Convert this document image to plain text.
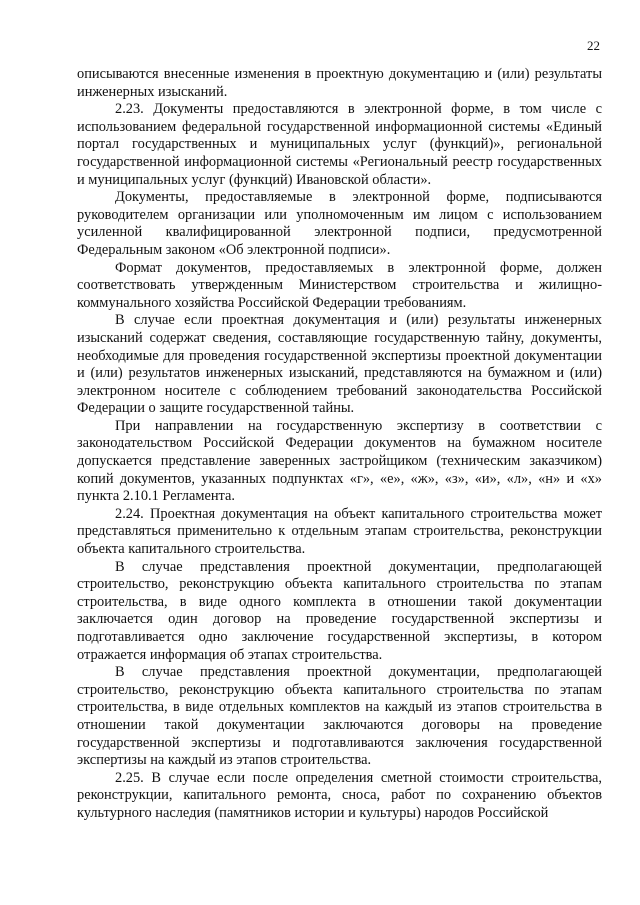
22

описываются внесенные изменения в проектную документацию и (или) результаты инженерных изысканий.

2.23. Документы предоставляются в электронной форме, в том числе с использованием федеральной государственной информационной системы «Единый портал государственных и муниципальных услуг (функций)», региональной государственной информационной системы «Региональный реестр государственных и муниципальных услуг (функций) Ивановской области».

Документы, предоставляемые в электронной форме, подписываются руководителем организации или уполномоченным им лицом с использованием усиленной квалифицированной электронной подписи, предусмотренной Федеральным законом «Об электронной подписи».

Формат документов, предоставляемых в электронной форме, должен соответствовать утвержденным Министерством строительства и жилищно-коммунального хозяйства Российской Федерации требованиям.

В случае если проектная документация и (или) результаты инженерных изысканий содержат сведения, составляющие государственную тайну, документы, необходимые для проведения государственной экспертизы проектной документации и (или) результатов инженерных изысканий, представляются на бумажном и (или) электронном носителе с соблюдением требований законодательства Российской Федерации о защите государственной тайны.

При направлении на государственную экспертизу в соответствии с законодательством Российской Федерации документов на бумажном носителе допускается представление заверенных застройщиком (техническим заказчиком) копий документов, указанных подпунктах «г», «е», «ж», «з», «и», «л», «н» и «х» пункта 2.10.1 Регламента.

2.24. Проектная документация на объект капитального строительства может представляться применительно к отдельным этапам строительства, реконструкции объекта капитального строительства.

В случае представления проектной документации, предполагающей строительство, реконструкцию объекта капитального строительства по этапам строительства, в виде одного комплекта в отношении такой документации заключается один договор на проведение государственной экспертизы и подготавливается одно заключение государственной экспертизы, в котором отражается информация об этапах строительства.

В случае представления проектной документации, предполагающей строительство, реконструкцию объекта капитального строительства по этапам строительства, в виде отдельных комплектов на каждый из этапов строительства в отношении такой документации заключаются договоры на проведение государственной экспертизы и подготавливаются заключения государственной экспертизы на каждый из этапов строительства.

2.25. В случае если после определения сметной стоимости строительства, реконструкции, капитального ремонта, сноса, работ по сохранению объектов культурного наследия (памятников истории и культуры) народов Российской
